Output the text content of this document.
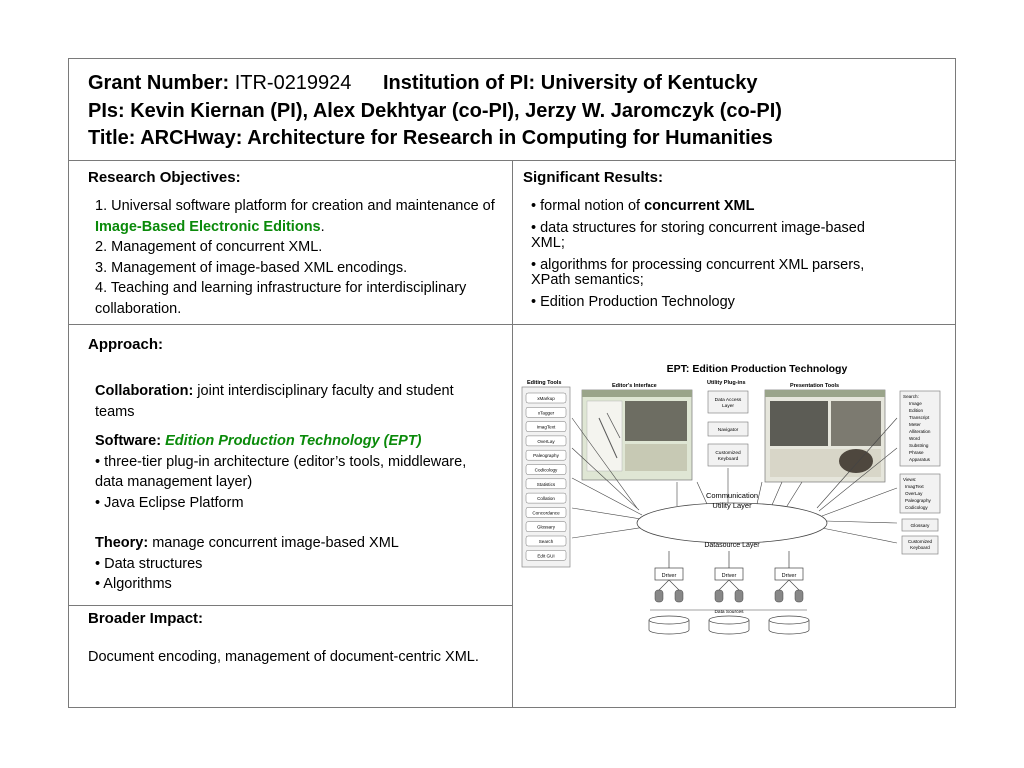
Grant Number: ITR-0219924 Institution of PI: University of Kentucky
PIs: Kevin Kiernan (PI), Alex Dekhtyar (co-PI), Jerzy W. Jaromczyk (co-PI)
Title: ARCHway: Architecture for Research in Computing for Humanities
Research Objectives:
1. Universal software platform for creation and maintenance of Image-Based Electronic Editions.
2. Management of concurrent XML.
3. Management of image-based XML encodings.
4. Teaching and learning infrastructure for interdisciplinary collaboration.
Significant Results:

• formal notion of concurrent XML

• data structures for storing concurrent image-based XML;

• algorithms for processing concurrent XML parsers, XPath semantics;

• Edition Production Technology

Approach:

Collaboration: joint interdisciplinary faculty and student teams

Software: Edition Production Technology (EPT)

• three-tier plug-in architecture (editor’s tools, middleware, data management layer)

• Java Eclipse Platform

Theory: manage concurrent image-based XML

• Data structures

• Algorithms

Broader Impact:
Document encoding, management of document-centric XML.
EPT: Edition Production Technology
Editing Tools	Editor's Interface	Utility Plug-ins	Presentation Tools
xMarkup
xTagger
ImagText
OverLay
Paleography
Codicology
Statistics
Collation
Concordance
Glossary
Search
Edit GUI
Data Access
Layer
Navigator
Customized
Keyboard
Search:
Image
Edition
Transcript
Meter
Alliteration
Word
Substring
Phrase
Apparatus
Views:
ImagText
OverLay
Paleography
Codicology
Glossary
Customized
Keyboard
Communication
Utility Layer
Datasource Layer
Driver	Driver	Driver
Data Sources
